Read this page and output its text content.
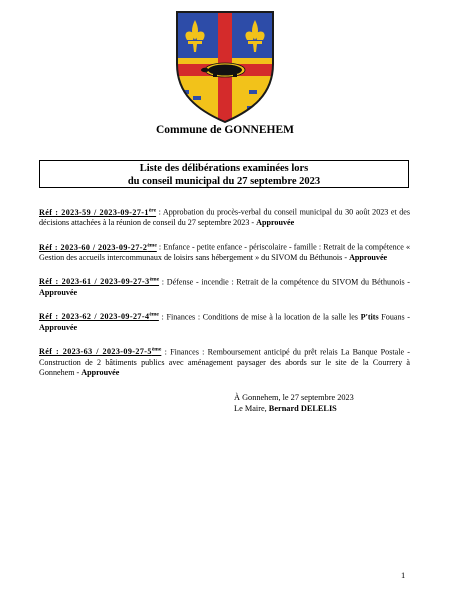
Commune de GONNEHEM
Liste des délibérations examinées lors
du conseil municipal du 27 septembre 2023

Réf : 2023-59 / 2023-09-27-1ère : Approbation du procès-verbal du conseil municipal du 30 août 2023 et des décisions attachées à la réunion de conseil du 27 septembre 2023 - Approuvée

Réf : 2023-60 / 2023-09-27-2ème : Enfance - petite enfance - périscolaire - famille : Retrait de la compétence « Gestion des accueils intercommunaux de loisirs sans hébergement » du SIVOM du Béthunois - Approuvée

Réf : 2023-61 / 2023-09-27-3ème : Défense - incendie : Retrait de la compétence du SIVOM du Béthunois - Approuvée

Réf : 2023-62 / 2023-09-27-4ème : Finances : Conditions de mise à la location de la salle les P'tits Fouans - Approuvée

Réf : 2023-63 / 2023-09-27-5ème : Finances : Remboursement anticipé du prêt relais La Banque Postale - Construction de 2 bâtiments publics avec aménagement paysager des abords sur le site de la Courrery à Gonnehem - Approuvée

À Gonnehem, le 27 septembre 2023
Le Maire, Bernard DELELIS
1
